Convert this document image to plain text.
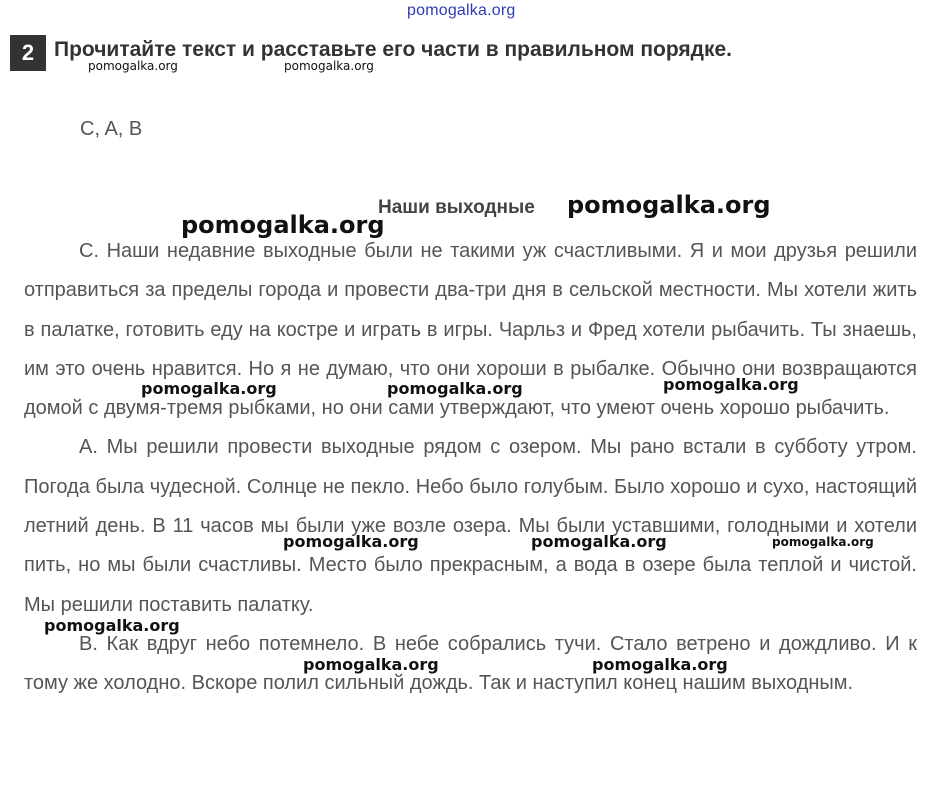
pomogalka.org
2 Прочитайте текст и расставьте его части в правильном порядке.
C, A, B
Наши выходные

C. Наши недавние выходные были не такими уж счастливыми. Я и мои друзья решили отправиться за пределы города и провести два-три дня в сельской местности. Мы хотели жить в палатке, готовить еду на костре и играть в игры. Чарльз и Фред хотели рыбачить. Ты знаешь, им это очень нравится. Но я не думаю, что они хороши в рыбалке. Обычно они возвращаются домой с двумя-тремя рыбками, но они сами утверждают, что умеют очень хорошо рыбачить.

A. Мы решили провести выходные рядом с озером. Мы рано встали в субботу утром. Погода была чудесной. Солнце не пекло. Небо было голубым. Было хорошо и сухо, настоящий летний день. В 11 часов мы были уже возле озера. Мы были уставшими, голодными и хотели пить, но мы были счастливы. Место было прекрасным, а вода в озере была теплой и чистой. Мы решили поставить палатку.

B. Как вдруг небо потемнело. В небе собрались тучи. Стало ветрено и дождливо. И к тому же холодно. Вскоре полил сильный дождь. Так и наступил конец нашим выходным.

pomogalka.org	pomogalka.org
pomogalka.org
pomogalka.org
pomogalka.org	pomogalka.org	pomogalka.org
pomogalka.org	pomogalka.org	pomogalka.org
pomogalka.org
pomogalka.org	pomogalka.org
